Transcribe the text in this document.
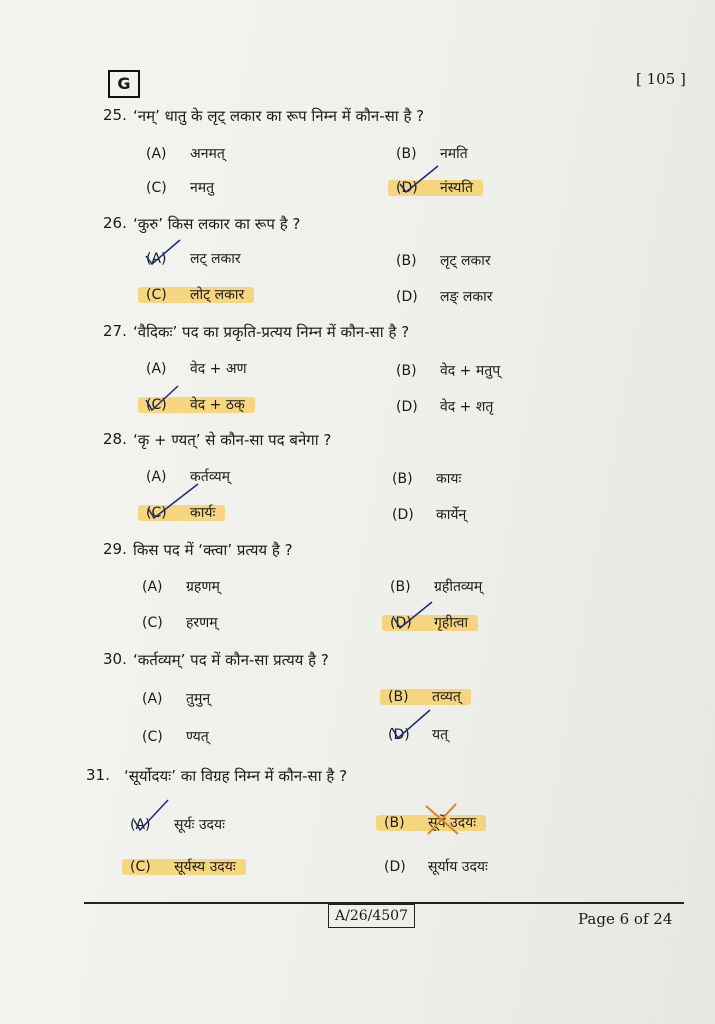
G	[ 105 ]
25. ‘नम्’ धातु के लृट् लकार का रूप निम्न में कौन-सा है ?
(A) अनमत्	(B) नमति
(C) नमतु	(D) नंस्यति
26. ‘कुरु’ किस लकार का रूप है ?
(A) लट् लकार	(B) लृट् लकार
(C) लोट् लकार	(D) लङ् लकार
27. ‘वैदिकः’ पद का प्रकृति-प्रत्यय निम्न में कौन-सा है ?
(A) वेद + अण	(B) वेद + मतुप्
(C) वेद + ठक्	(D) वेद + शतृ
28. ‘कृ + ण्यत्’ से कौन-सा पद बनेगा ?
(A) कर्तव्यम्	(B) कायः
(C) कार्यः	(D) कार्येन्
29. किस पद में ‘क्त्वा’ प्रत्यय है ?
(A) ग्रहणम्	(B) ग्रहीतव्यम्
(C) हरणम्	(D) गृहीत्वा
30. ‘कर्तव्यम्’ पद में कौन-सा प्रत्यय है ?
(A) तुमुन्	(B) तव्यत्
(C) ण्यत्	(D) यत्
31. ‘सूर्योदयः’ का विग्रह निम्न में कौन-सा है ?
(A) सूर्यः उदयः	(B) सूर्ये उदयः
(C) सूर्यस्य उदयः	(D) सूर्याय उदयः
A/26/4507	Page 6 of 24
